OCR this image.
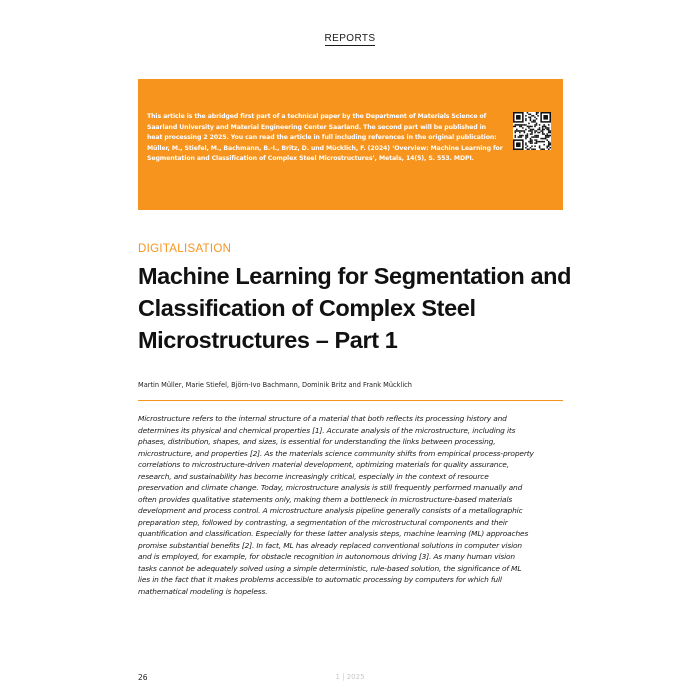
REPORTS
This article is the abridged first part of a technical paper by the Department of Materials Science of Saarland University and Material Engineering Center Saarland. The second part will be published in heat processing 2 2025. You can read the article in full including references in the original publication: Müller, M., Stiefel, M., Bachmann, B.-I., Britz, D. und Mücklich, F. (2024) ‘Overview: Machine Learning for Segmentation and Classification of Complex Steel Microstructures’, Metals, 14(5), S. 553. MDPI.
DIGITALISATION
Machine Learning for Segmentation and Classification of Complex Steel Microstructures – Part 1
Martin Müller, Marie Stiefel, Björn-Ivo Bachmann, Dominik Britz and Frank Mücklich

Microstructure refers to the internal structure of a material that both reflects its processing history and determines its physical and chemical properties [1]. Accurate analysis of the microstructure, including its phases, distribution, shapes, and sizes, is essential for understanding the links between processing, microstructure, and properties [2]. As the materials science community shifts from empirical process-property correlations to microstructure-driven material development, optimizing materials for quality assurance, research, and sustainability has become increasingly critical, especially in the context of resource preservation and climate change. Today, microstructure analysis is still frequently performed manually and often provides qualitative statements only, making them a bottleneck in microstructure-based materials development and process control. A microstructure analysis pipeline generally consists of a metallographic preparation step, followed by contrasting, a segmentation of the microstructural components and their quantification and classification. Especially for these latter analysis steps, machine learning (ML) approaches promise substantial benefits [2]. In fact, ML has already replaced conventional solutions in computer vision and is employed, for example, for obstacle recognition in autonomous driving [3]. As many human vision tasks cannot be adequately solved using a simple deterministic, rule-based solution, the significance of ML lies in the fact that it makes problems accessible to automatic processing by computers for which full mathematical modeling is hopeless.

26	1 | 2025
